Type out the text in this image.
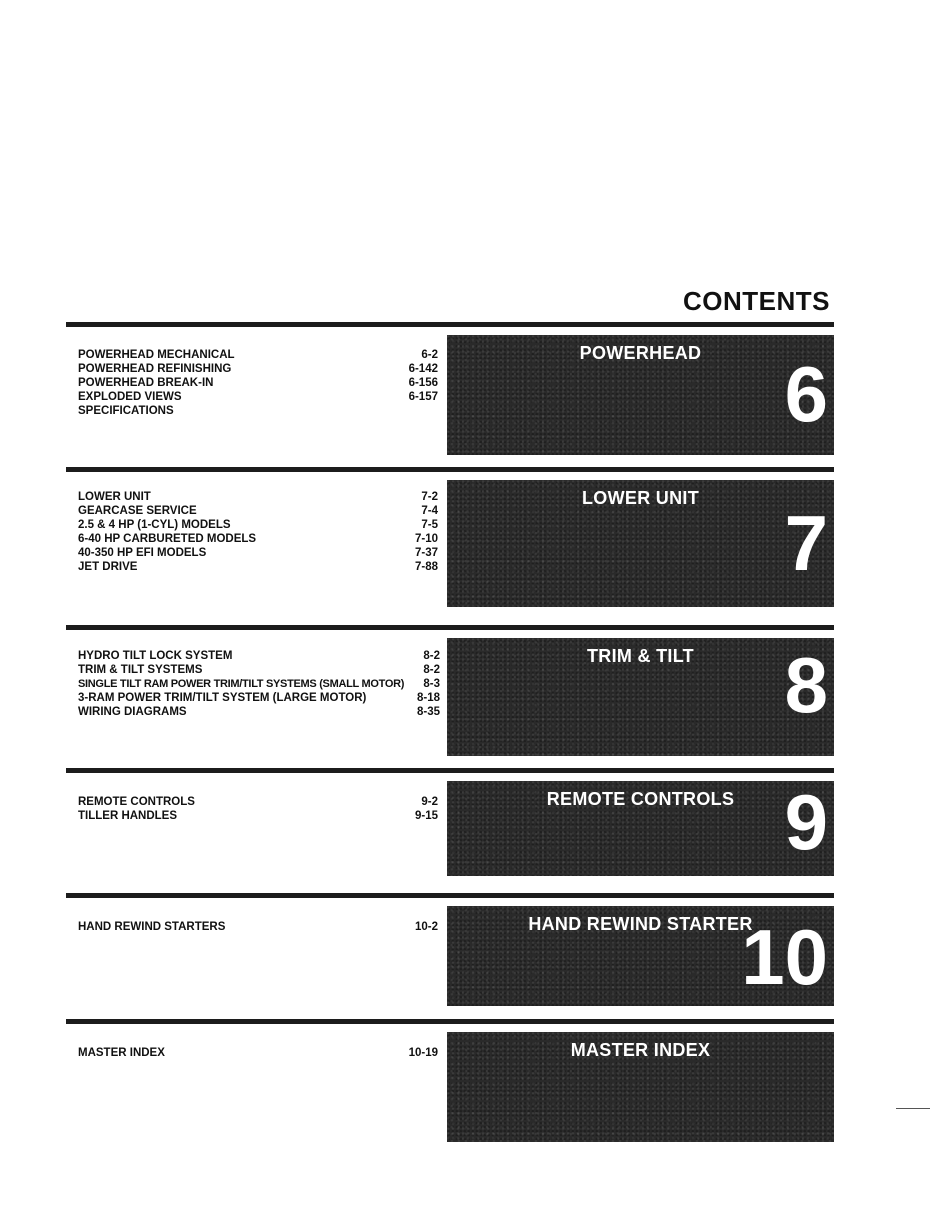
CONTENTS
POWERHEAD MECHANICAL	6-2
POWERHEAD REFINISHING	6-142
POWERHEAD BREAK-IN	6-156
EXPLODED VIEWS	6-157
SPECIFICATIONS
POWERHEAD	6
LOWER UNIT	7-2
GEARCASE SERVICE	7-4
2.5 & 4 HP (1-CYL) MODELS	7-5
6-40 HP CARBURETED MODELS	7-10
40-350 HP EFI MODELS	7-37
JET DRIVE	7-88
LOWER UNIT
7
HYDRO TILT LOCK SYSTEM	8-2
TRIM & TILT SYSTEMS	8-2
SINGLE TILT RAM POWER TRIM/TILT SYSTEMS (SMALL MOTOR) 8-3
3-RAM POWER TRIM/TILT SYSTEM (LARGE MOTOR)	8-18
WIRING DIAGRAMS	8-35
TRIM & TILT	8
REMOTE CONTROLS	9-2
TILLER HANDLES	9-15
REMOTE CONTROLS 9
HAND REWIND STARTERS	10-2	HAND REWIND STARTER
10
MASTER INDEX	10-19	MASTER INDEX
